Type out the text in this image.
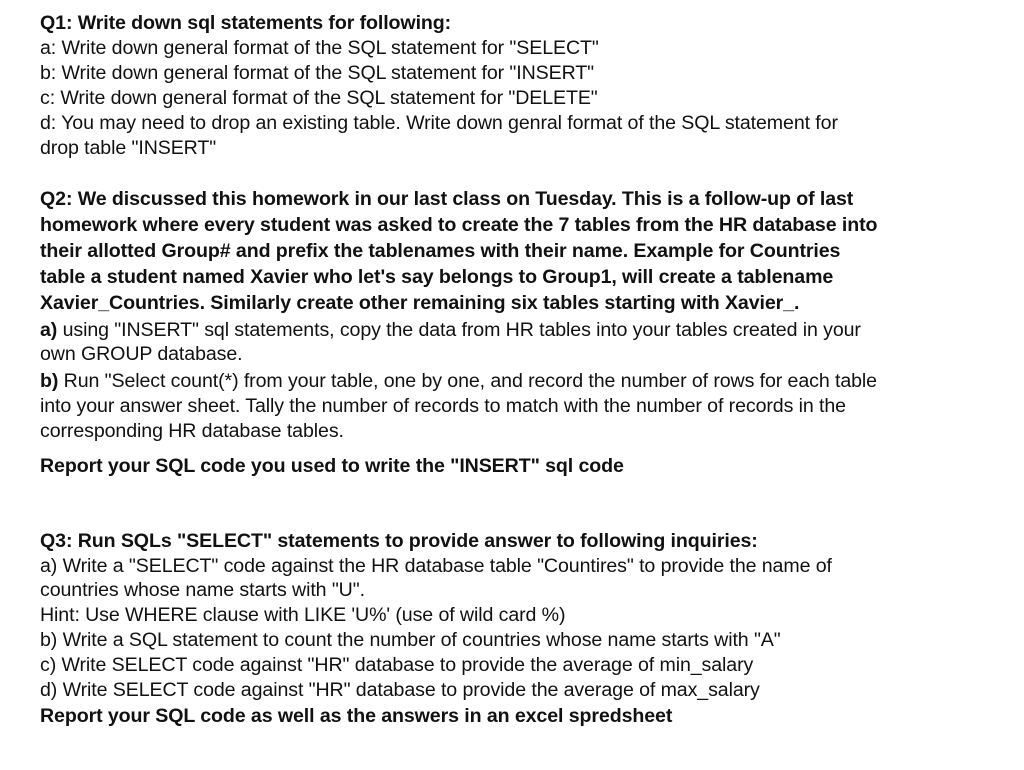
Q1: Write down sql statements for following:
a: Write down general format of the SQL statement for "SELECT"
b: Write down general format of the SQL statement for "INSERT"
c: Write down general format of the SQL statement for "DELETE"
d: You may need to drop an existing table. Write down genral format of the SQL statement for
drop table "INSERT"
Q2: We discussed this homework in our last class on Tuesday. This is a follow-up of last
homework where every student was asked to create the 7 tables from the HR database into
their allotted Group# and prefix the tablenames with their name. Example for Countries
table a student named Xavier who let's say belongs to Group1, will create a tablename
Xavier_Countries. Similarly create other remaining six tables starting with Xavier_.
a) using "INSERT" sql statements, copy the data from HR tables into your tables created in your
own GROUP database.
b) Run "Select count(*) from your table, one by one, and record the number of rows for each table
into your answer sheet. Tally the number of records to match with the number of records in the
corresponding HR database tables.
Report your SQL code you used to write the "INSERT" sql code
Q3: Run SQLs "SELECT" statements to provide answer to following inquiries:
a) Write a "SELECT" code against the HR database table "Countires" to provide the name of
countries whose name starts with "U".
Hint: Use WHERE clause with LIKE 'U%' (use of wild card %)
b) Write a SQL statement to count the number of countries whose name starts with "A"
c) Write SELECT code against "HR" database to provide the average of min_salary
d) Write SELECT code against "HR" database to provide the average of max_salary
Report your SQL code as well as the answers in an excel spredsheet
